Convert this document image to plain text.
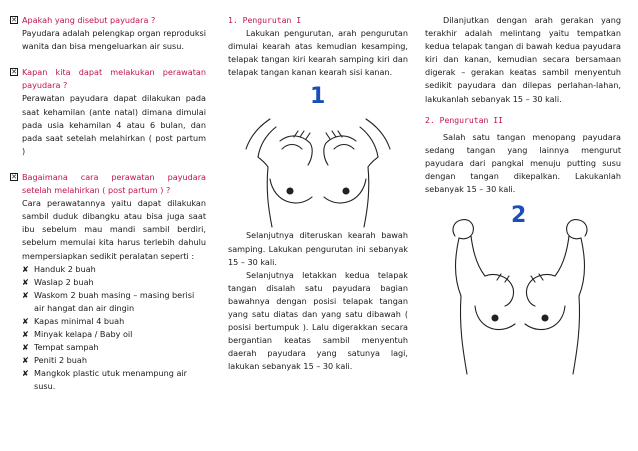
✕ Apakah yang disebut payudara ?
Payudara adalah pelengkap organ reproduksi wanita dan bisa mengeluarkan air susu.
✕ Kapan kita dapat melakukan perawatan payudara ?
Perawatan payudara dapat dilakukan pada saat kehamilan (ante natal) dimana dimulai pada usia kehamilan 4 atau 6 bulan, dan pada saat setelah melahirkan ( post partum )
✕ Bagaimana cara perawatan payudara setelah melahirkan ( post partum ) ?
Cara perawatannya yaitu dapat dilakukan sambil duduk dibangku atau bisa juga saat ibu sebelum mau mandi sambil berdiri, sebelum memulai kita harus terlebih dahulu mempersiapkan sedikit peralatan seperti :
✘ Handuk 2 buah
✘ Waslap 2 buah
✘ Waskom 2 buah masing – masing berisi air hangat dan air dingin
✘ Kapas minimal 4 buah
✘ Minyak kelapa / Baby oil
✘ Tempat sampah
✘ Peniti 2 buah
✘ Mangkok plastic utuk menampung air susu.
1. Pengurutan I
Lakukan pengurutan, arah pengurutan dimulai kearah atas kemudian kesamping, telapak tangan kiri kearah samping kiri dan telapak tangan kanan kearah sisi kanan.
1
Selanjutnya diteruskan kearah bawah samping. Lakukan pengurutan ini sebanyak 15 – 30 kali.
Selanjutnya letakkan kedua telapak tangan disalah satu payudara bagian bawahnya dengan posisi telapak tangan yang satu diatas dan yang satu dibawah ( posisi bertumpuk ). Lalu digerakkan secara bergantian keatas sambil menyentuh daerah payudara yang satunya lagi, lakukan sebanyak 15 – 30 kali.
Dilanjutkan dengan arah gerakan yang terakhir adalah melintang yaitu tempatkan kedua telapak tangan di bawah kedua payudara kiri dan kanan, kemudian secara bersamaan digerak – gerakan keatas sambil menyentuh sedikit payudara dan dilepas perlahan-lahan, lakukanlah sebanyak 15 – 30 kali.
2. Pengurutan II
Salah satu tangan menopang payudara sedang tangan yang lainnya mengurut payudara dari pangkal menuju putting susu dengan tangan dikepalkan. Lakukanlah sebanyak 15 – 30 kali.
2
